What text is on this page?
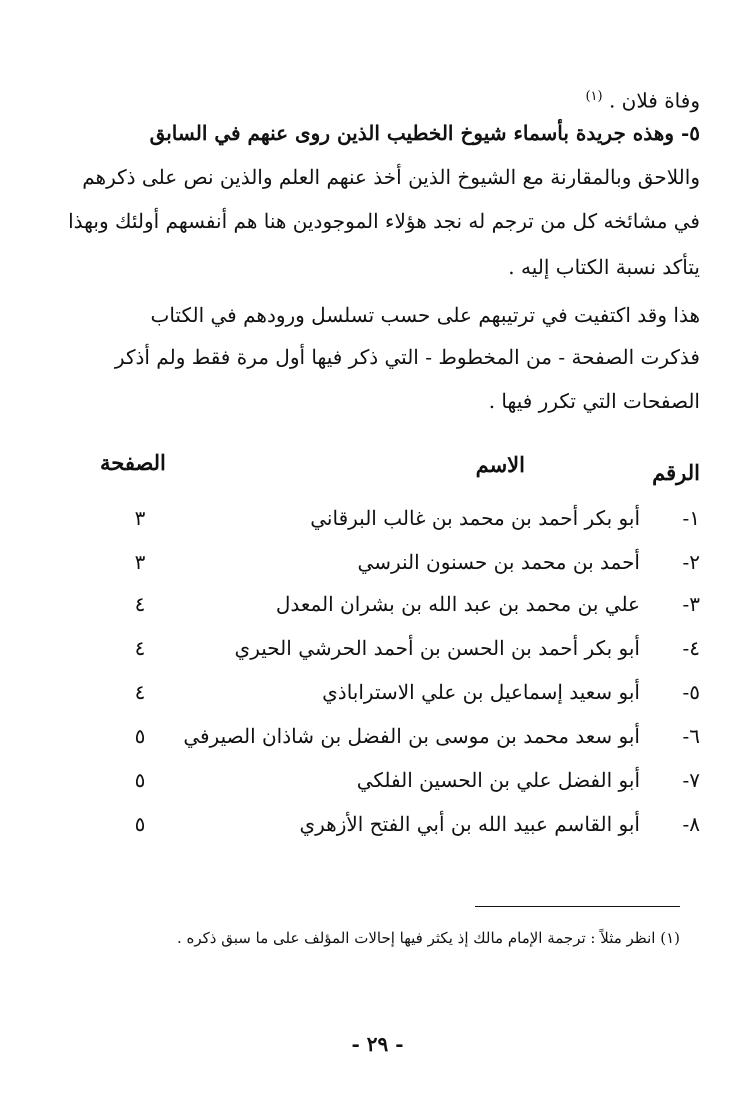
وفاة فلان . $^{(١)}$
٥- وهذه جريدة بأسماء شيوخ الخطيب الذين روى عنهم في السابق
واللاحق وبالمقارنة مع الشيوخ الذين أخذ عنهم العلم والذين نص على ذكرهم
في مشائخه كل من ترجم له نجد هؤلاء الموجودين هنا هم أنفسهم أولئك وبهذا
يتأكد نسبة الكتاب إليه .
هذا وقد اكتفيت في ترتيبهم على حسب تسلسل ورودهم في الكتاب
فذكرت الصفحة - من المخطوط - التي ذكر فيها أول مرة فقط ولم أذكر
الصفحات التي تكرر فيها .
الرقم
الاسم
الصفحة
١-
أبو بكر أحمد بن محمد بن غالب البرقاني
٣
٢-
أحمد بن محمد بن حسنون النرسي
٣
٣-
علي بن محمد بن عبد الله بن بشران المعدل
٤
٤-
أبو بكر أحمد بن الحسن بن أحمد الحرشي الحيري
٤
٥-
أبو سعيد إسماعيل بن علي الاستراباذي
٤
٦-
أبو سعد محمد بن موسى بن الفضل بن شاذان الصيرفي
٥
٧-
أبو الفضل علي بن الحسين الفلكي
٥
٨-
أبو القاسم عبيد الله بن أبي الفتح الأزهري
٥
(١) انظر مثلاً : ترجمة الإمام مالك إذ يكثر فيها إحالات المؤلف على ما سبق ذكره .
- ٢٩ -
